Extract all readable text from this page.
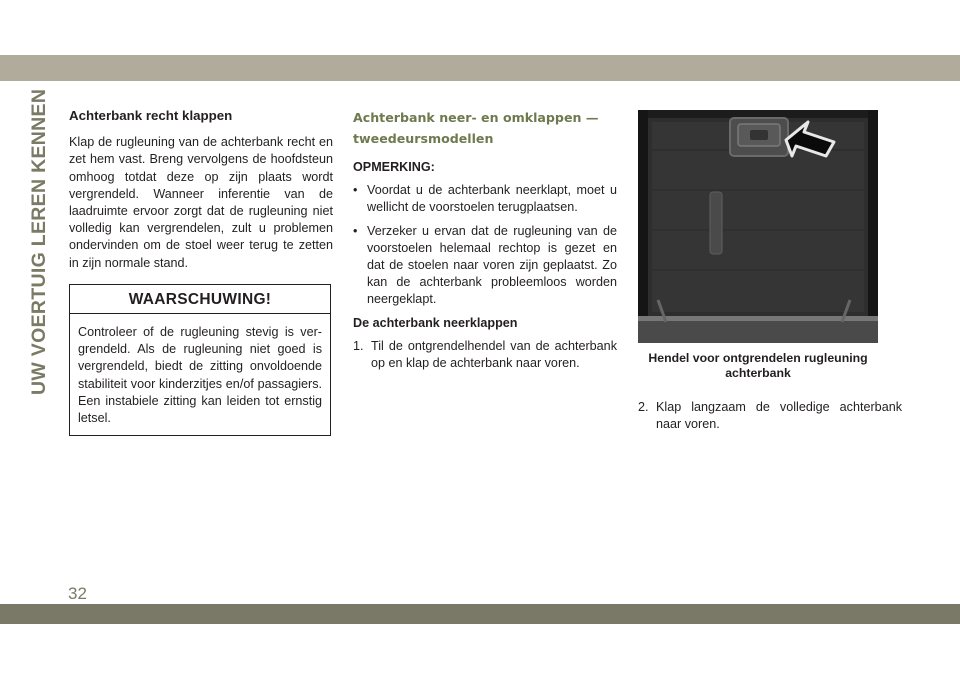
UW VOERTUIG LEREN KENNEN Achterbank recht klappen

Klap de rugleuning van de achterbank recht en zet hem vast. Breng vervolgens de hoofdsteun omhoog totdat deze op zijn plaats wordt vergrendeld. Wanneer inferentie van de laadruimte ervoor zorgt dat de rugleuning niet volledig kan vergrendelen, zult u problemen ondervinden om de stoel weer terug te zetten in zijn normale stand.

WAARSCHUWING!
Controleer of de rugleuning stevig is vergrendeld. Als de rugleuning niet goed is vergrendeld, biedt de zitting onvoldoende stabiliteit voor kinderzitjes en/of passagiers. Een instabiele zitting kan leiden tot ernstig letsel.
Achterbank neer- en omklappen — tweedeursmodellen
OPMERKING:
• Voordat u de achterbank neerklapt, moet u wellicht de voorstoelen terugplaatsen.
• Verzeker u ervan dat de rugleuning van de voorstoelen helemaal rechtop is gezet en dat de stoelen naar voren zijn geplaatst. Zo kan de achterbank probleemloos worden neergeklapt.
De achterbank neerklappen
1. Til de ontgrendelhendel van de achterbank op en klap de achterbank naar voren.	Hendel voor ontgrendelen rugleuning achterbank
2. Klap langzaam de volledige achterbank naar voren.
32
